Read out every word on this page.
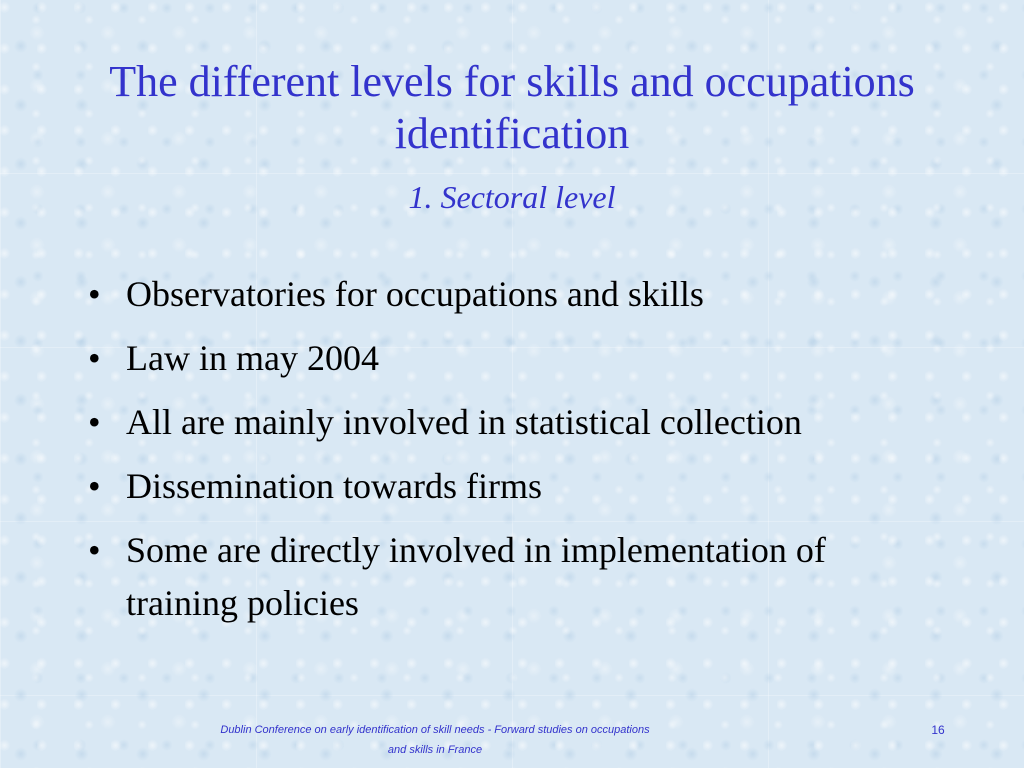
The different levels for skills and occupations identification
1. Sectoral level
• Observatories for occupations and skills
• Law in may 2004
• All are mainly involved in statistical collection
• Dissemination towards firms
• Some are directly involved in implementation of training policies
Dublin Conference on early identification of skill needs - Forward studies on occupations and skills in France
16
